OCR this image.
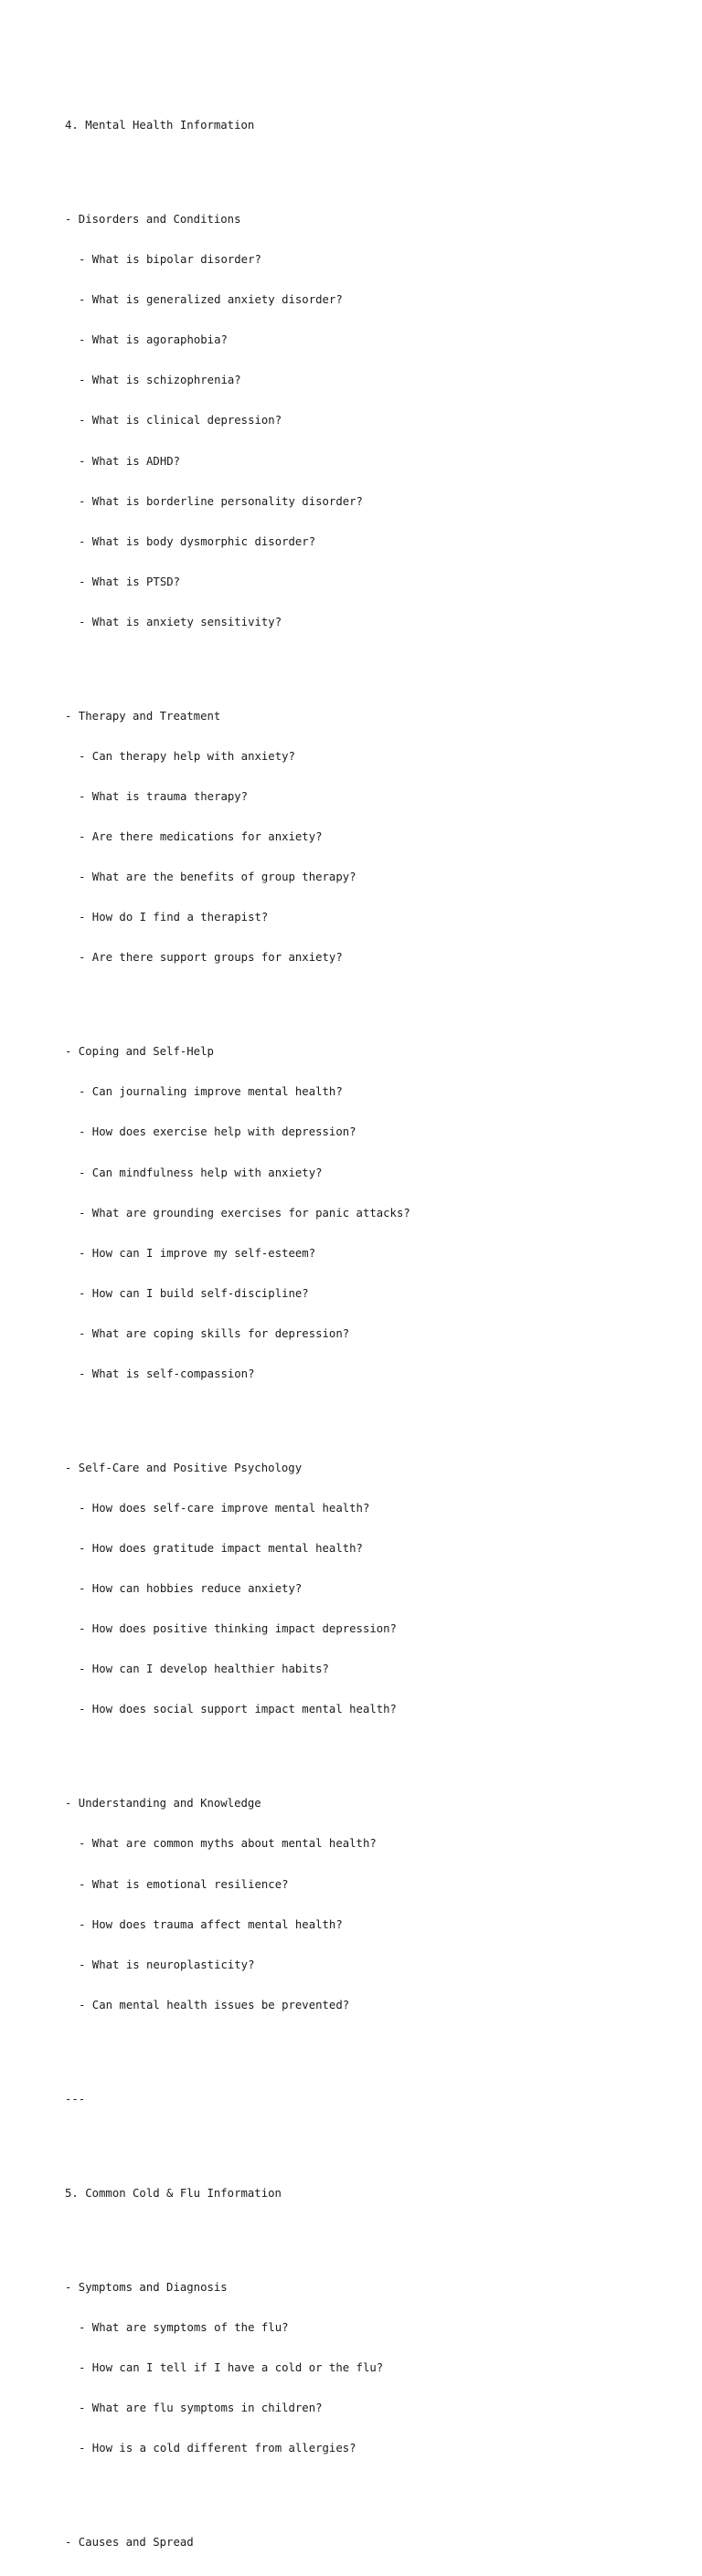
4. Mental Health Information

- Disorders and Conditions

- What is bipolar disorder?

- What is generalized anxiety disorder?

- What is agoraphobia?

- What is schizophrenia?

- What is clinical depression?

- What is ADHD?

- What is borderline personality disorder?

- What is body dysmorphic disorder?

- What is PTSD?

- What is anxiety sensitivity?

- Therapy and Treatment

- Can therapy help with anxiety?

- What is trauma therapy?

- Are there medications for anxiety?

- What are the benefits of group therapy?

- How do I find a therapist?

- Are there support groups for anxiety?

- Coping and Self-Help

- Can journaling improve mental health?

- How does exercise help with depression?

- Can mindfulness help with anxiety?

- What are grounding exercises for panic attacks?

- How can I improve my self-esteem?

- How can I build self-discipline?

- What are coping skills for depression?

- What is self-compassion?

- Self-Care and Positive Psychology

- How does self-care improve mental health?

- How does gratitude impact mental health?

- How can hobbies reduce anxiety?

- How does positive thinking impact depression?

- How can I develop healthier habits?

- How does social support impact mental health?

- Understanding and Knowledge

- What are common myths about mental health?

- What is emotional resilience?

- How does trauma affect mental health?

- What is neuroplasticity?

- Can mental health issues be prevented?

---

5. Common Cold & Flu Information

- Symptoms and Diagnosis

- What are symptoms of the flu?

- How can I tell if I have a cold or the flu?

- What are flu symptoms in children?

- How is a cold different from allergies?

- Causes and Spread
